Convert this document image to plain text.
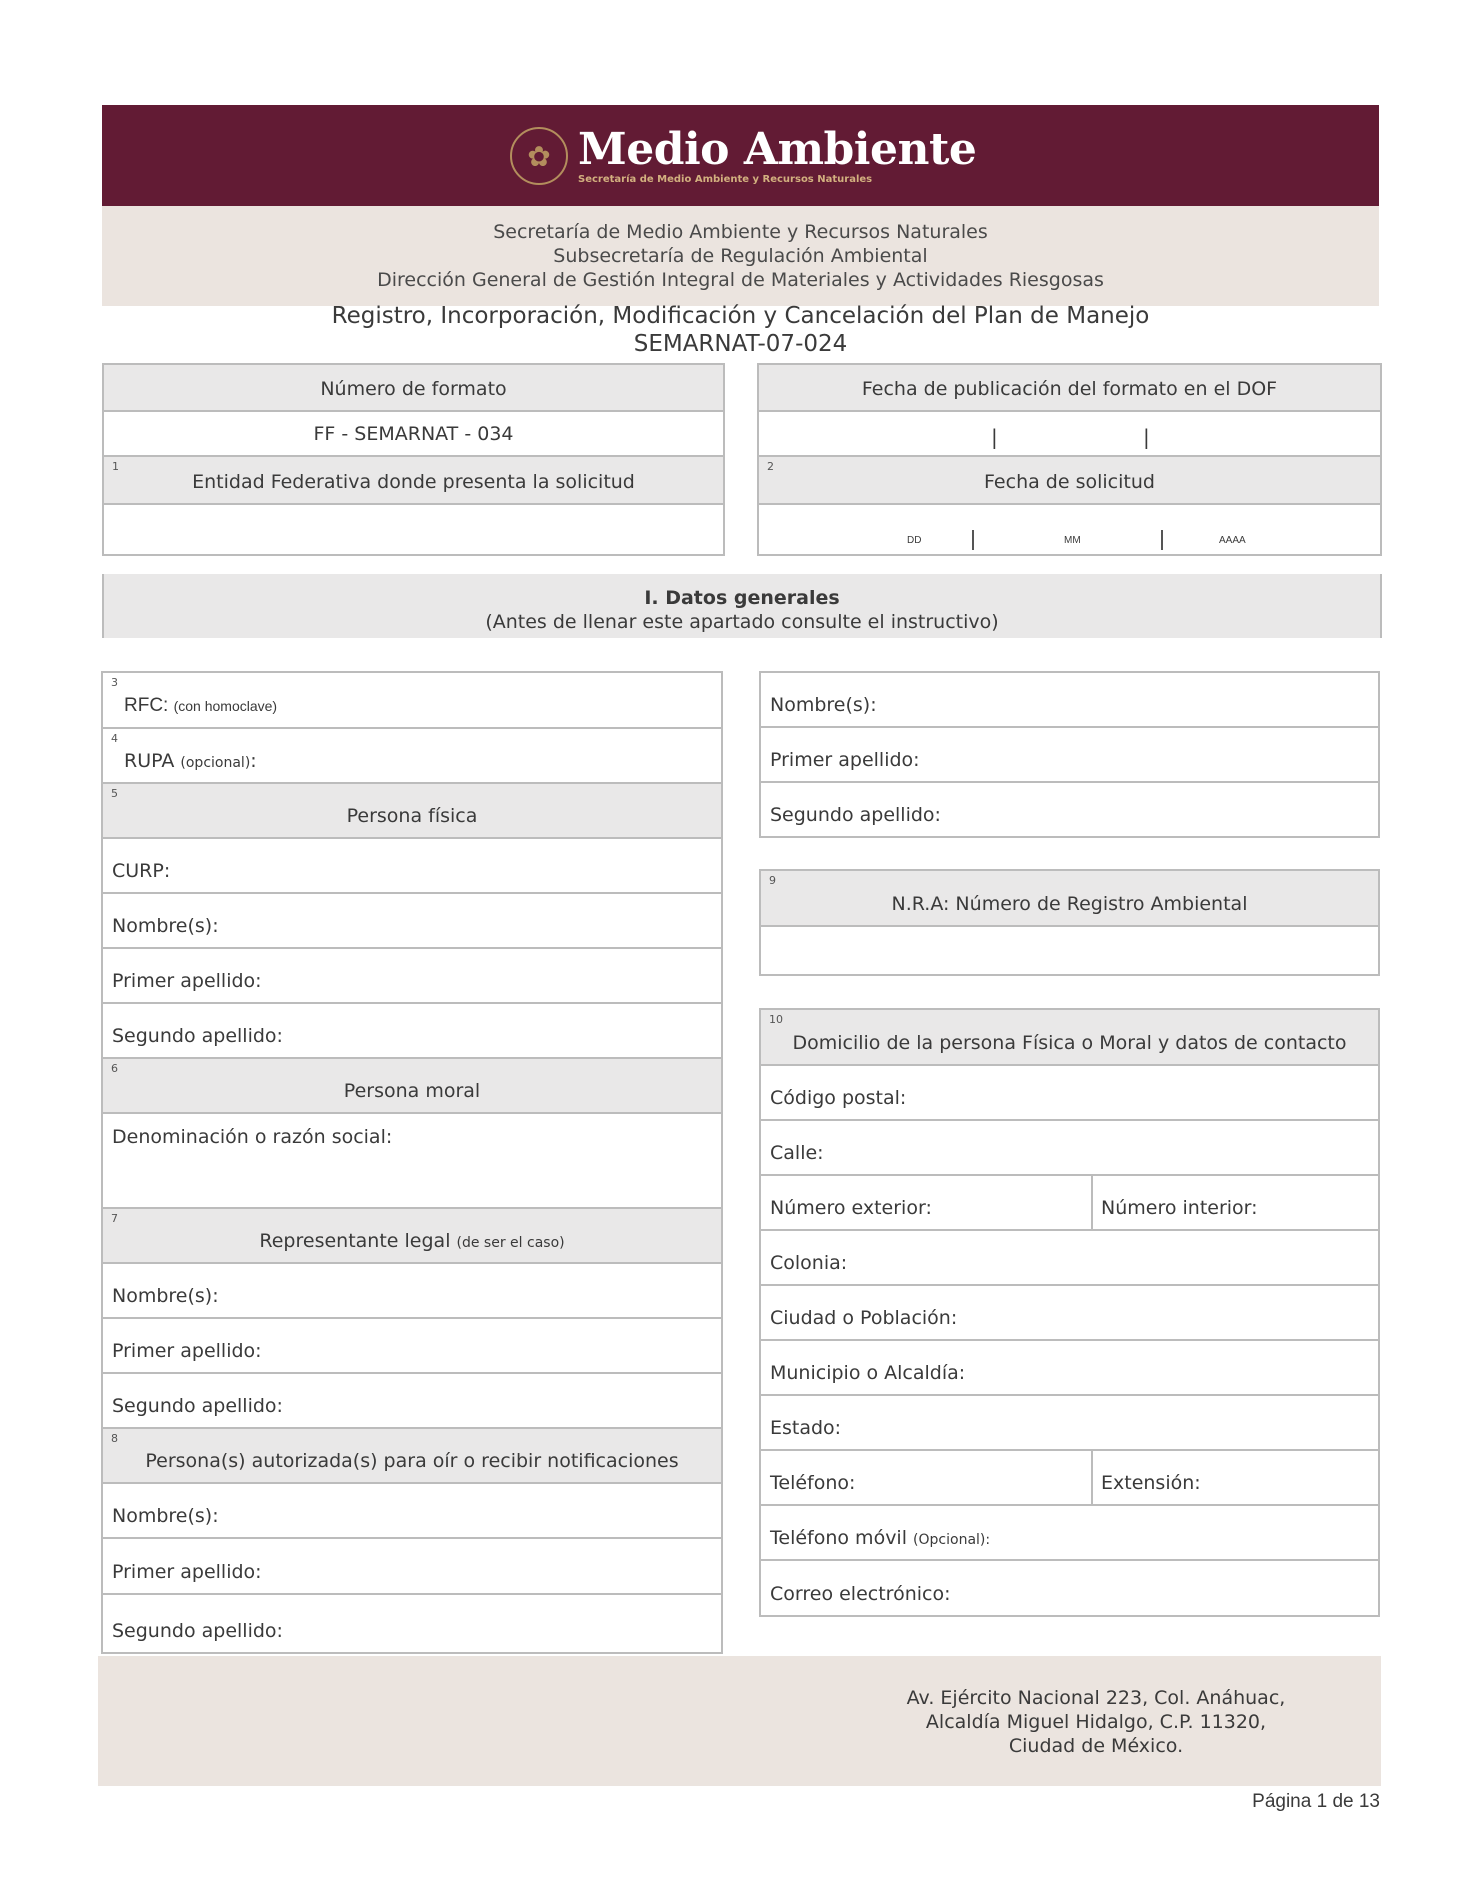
✿ Medio Ambiente
Secretaría de Medio Ambiente y Recursos Naturales
Secretaría de Medio Ambiente y Recursos Naturales
Subsecretaría de Regulación Ambiental
Dirección General de Gestión Integral de Materiales y Actividades Riesgosas
Registro, Incorporación, Modificación y Cancelación del Plan de Manejo
SEMARNAT-07-024
Número de formato
FF - SEMARNAT - 034
1
Entidad Federativa donde presenta la solicitud
Fecha de publicación del formato en el DOF
|	|
2
Fecha de solicitud
DD	MM	AAAA
I. Datos generales
(Antes de llenar este apartado consulte el instructivo)
3
RFC: (con homoclave)
4
RUPA (opcional):
5
Persona física
CURP:
Nombre(s):
Primer apellido:
Segundo apellido:
6
Persona moral
Denominación o razón social:
7
Representante legal (de ser el caso)
Nombre(s):
Primer apellido:
Segundo apellido:
8
Persona(s) autorizada(s) para oír o recibir notificaciones
Nombre(s):
Primer apellido:
Segundo apellido:
Nombre(s):
Primer apellido:
Segundo apellido:
9
N.R.A: Número de Registro Ambiental
10
Domicilio de la persona Física o Moral y datos de contacto
Código postal:
Calle:
Número exterior:	Número interior:
Colonia:
Ciudad o Población:
Municipio o Alcaldía:
Estado:
Teléfono:	Extensión:
Teléfono móvil (Opcional):
Correo electrónico:
Av. Ejército Nacional 223, Col. Anáhuac,
Alcaldía Miguel Hidalgo, C.P. 11320,
Ciudad de México.
Página 1 de 13
